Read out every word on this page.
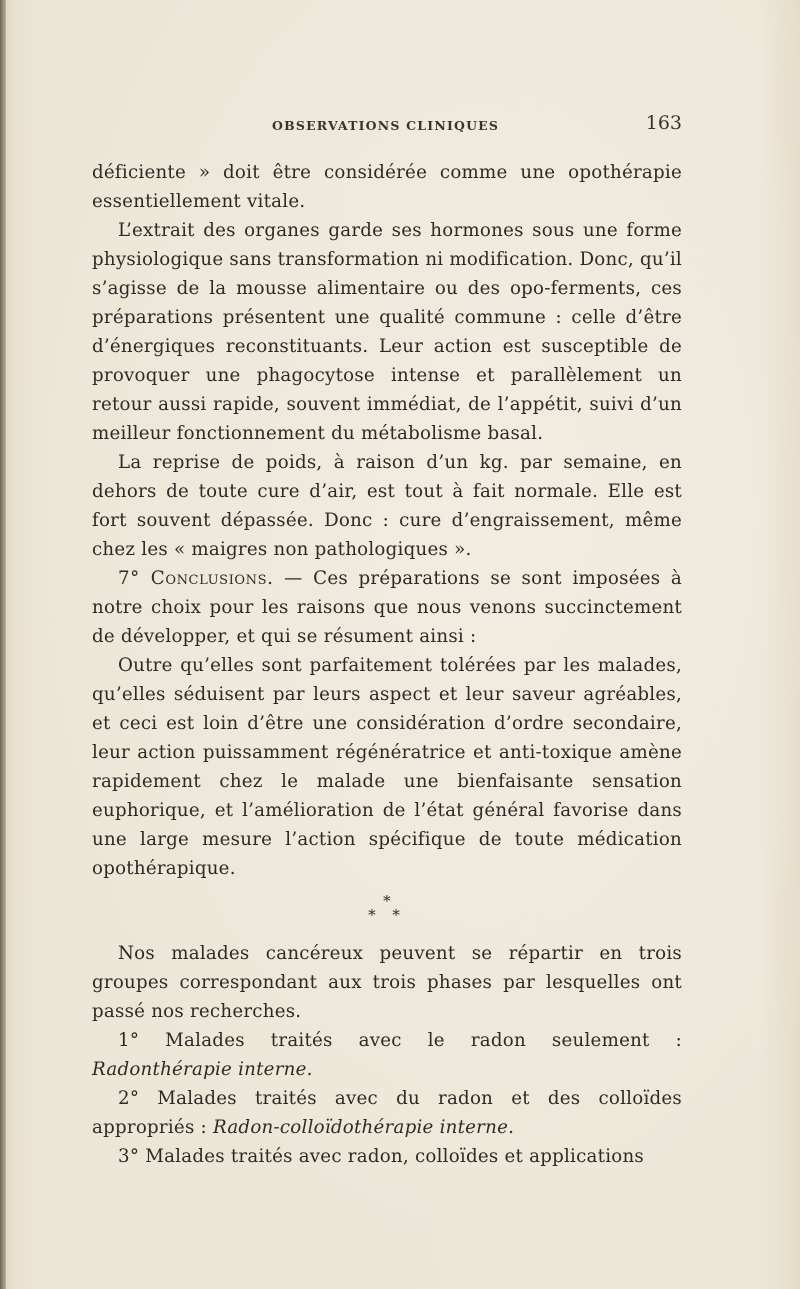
OBSERVATIONS CLINIQUES	163

déficiente » doit être considérée comme une opothérapie essentiellement vitale.

L’extrait des organes garde ses hormones sous une forme physiologique sans transformation ni modification. Donc, qu’il s’agisse de la mousse alimentaire ou des opo-ferments, ces préparations présentent une qualité commune : celle d’être d’énergiques reconstituants. Leur action est susceptible de provoquer une phagocytose intense et parallèlement un retour aussi rapide, souvent immédiat, de l’appétit, suivi d’un meilleur fonctionnement du métabolisme basal.

La reprise de poids, à raison d’un kg. par semaine, en dehors de toute cure d’air, est tout à fait normale. Elle est fort souvent dépassée. Donc : cure d’engraissement, même chez les « maigres non pathologiques ».

7° Conclusions. — Ces préparations se sont imposées à notre choix pour les raisons que nous venons succinctement de développer, et qui se résument ainsi :

Outre qu’elles sont parfaitement tolérées par les malades, qu’elles séduisent par leurs aspect et leur saveur agréables, et ceci est loin d’être une considération d’ordre secondaire, leur action puissamment régénératrice et anti-toxique amène rapidement chez le malade une bienfaisante sensation euphorique, et l’amélioration de l’état général favorise dans une large mesure l’action spécifique de toute médication opothérapique.

*
* *

Nos malades cancéreux peuvent se répartir en trois groupes correspondant aux trois phases par lesquelles ont passé nos recherches.

1° Malades traités avec le radon seulement : Radonthérapie interne.

2° Malades traités avec du radon et des colloïdes appropriés : Radon-colloïdothérapie interne.

3° Malades traités avec radon, colloïdes et applications
